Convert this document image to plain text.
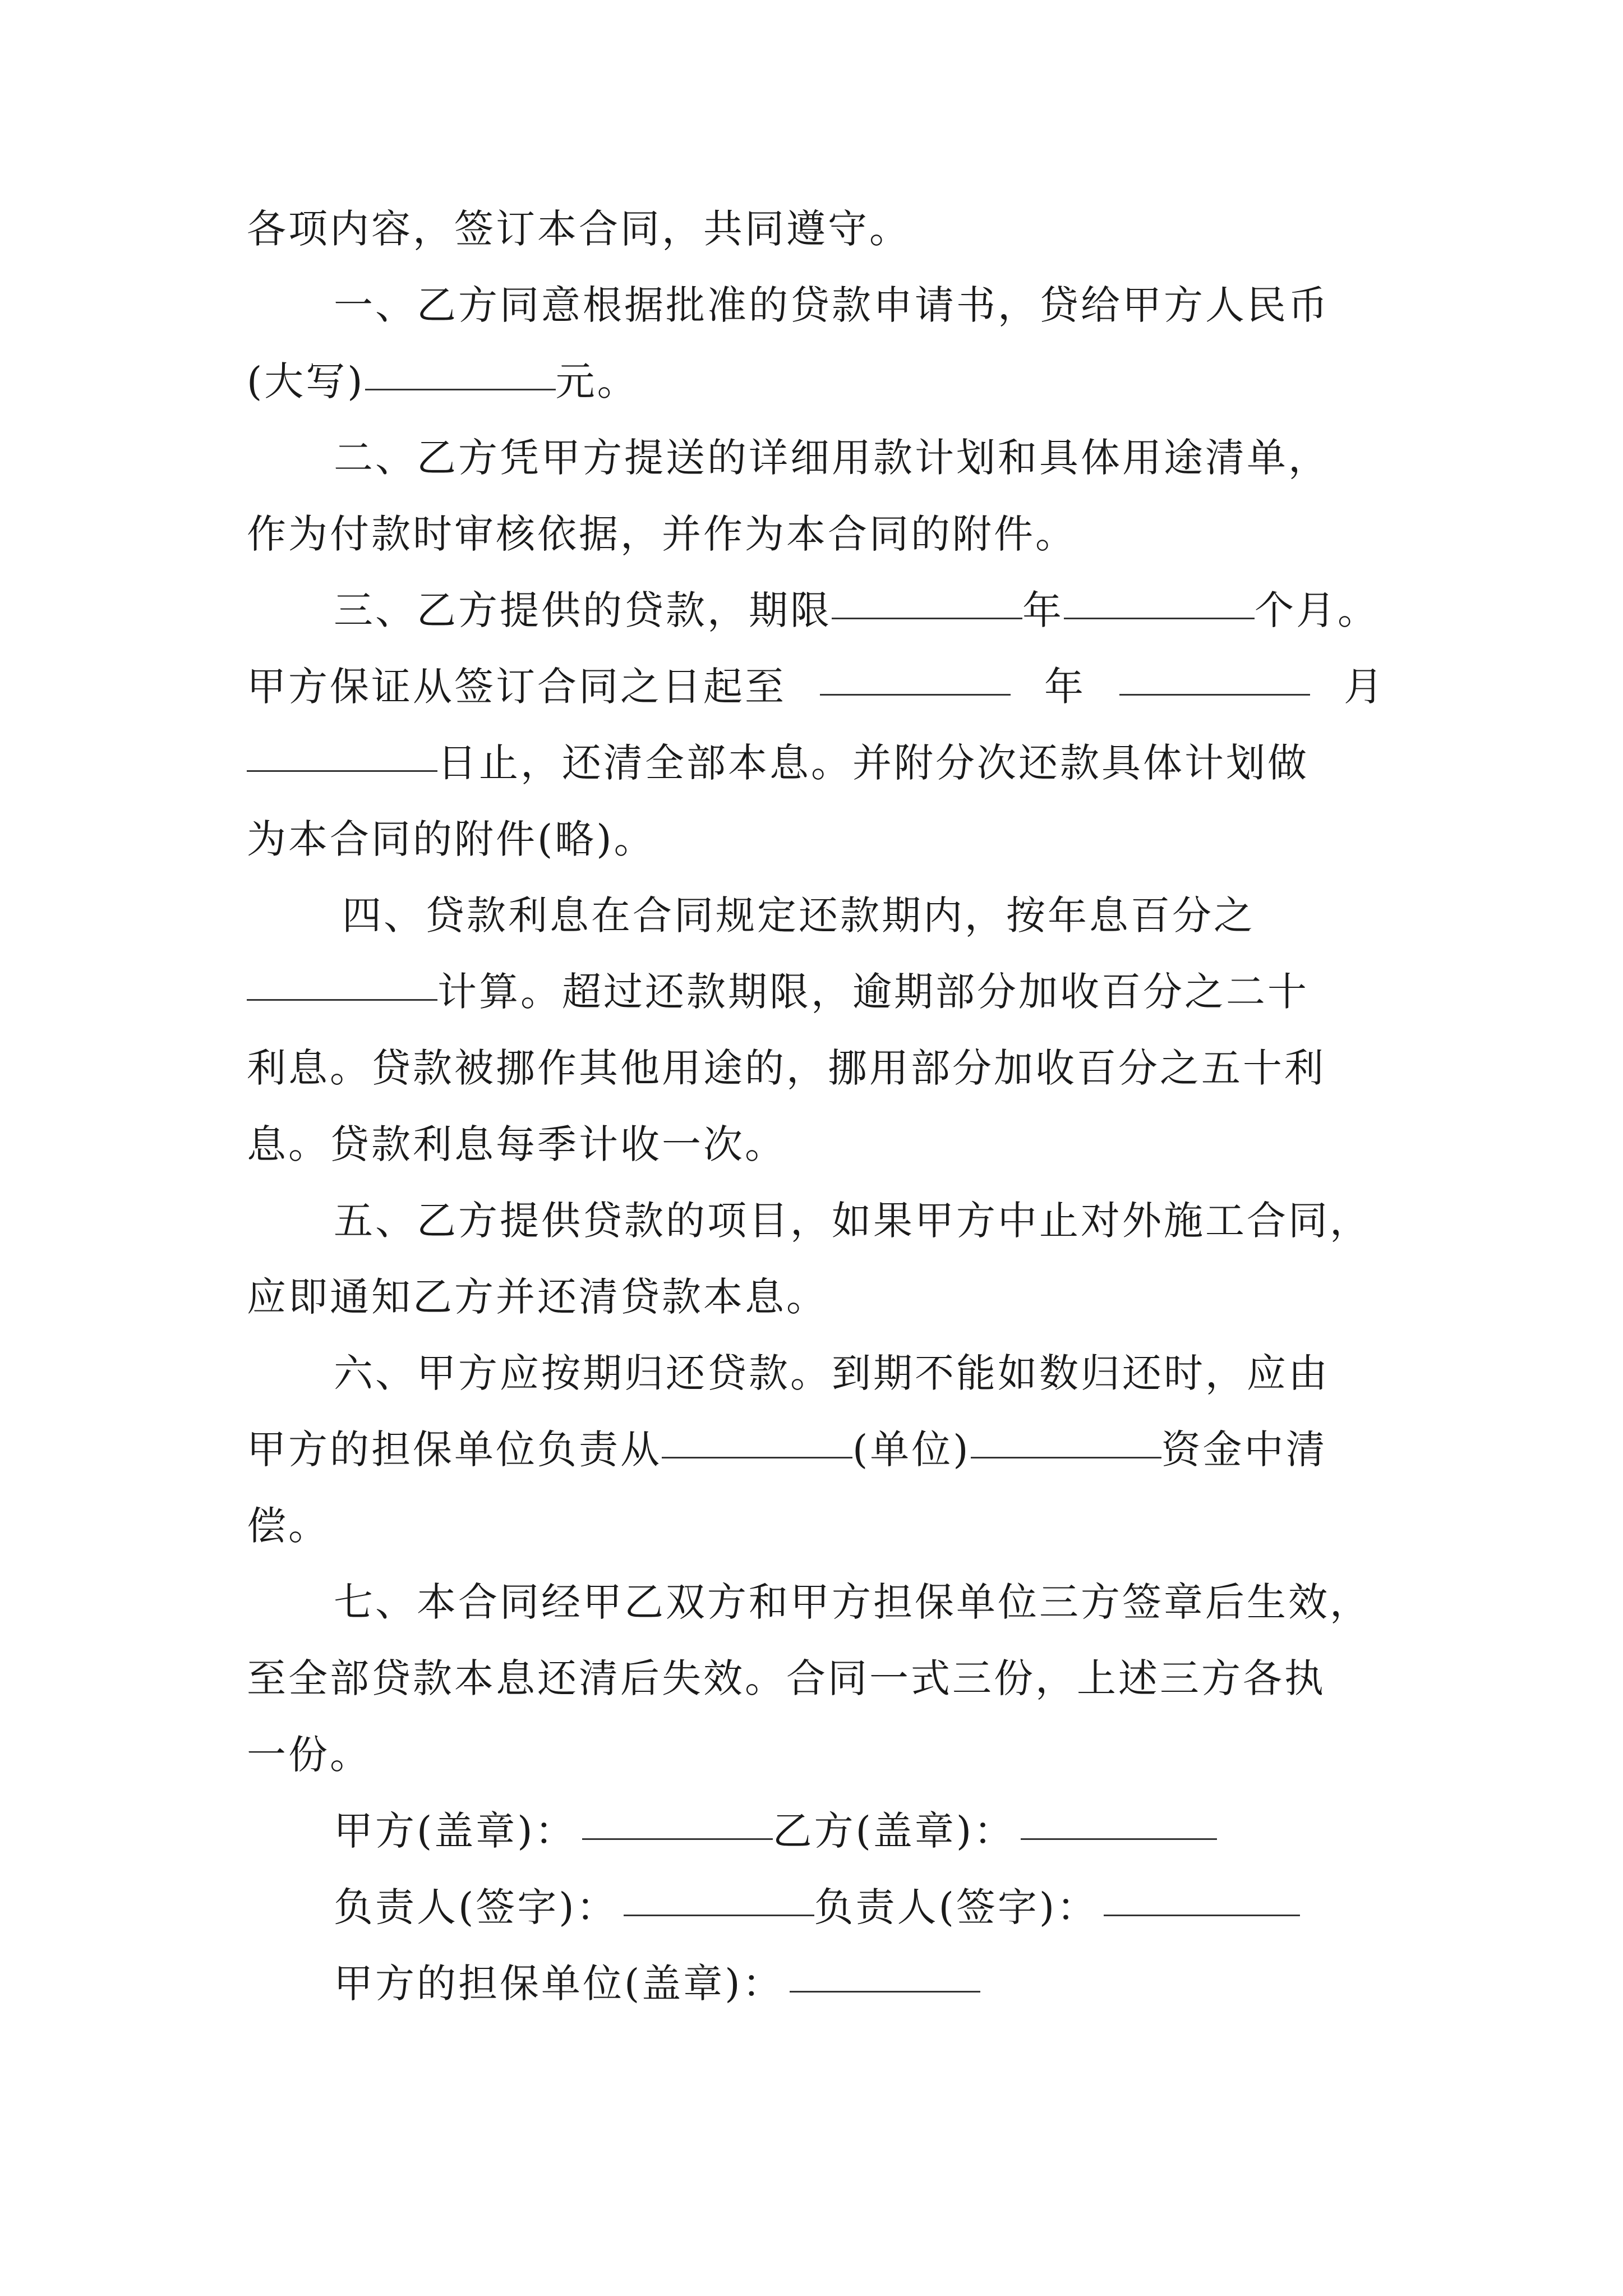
各项内容，签订本合同，共同遵守。
一、乙方同意根据批准的贷款申请书，贷给甲方人民币
(大写)	元。
二、乙方凭甲方提送的详细用款计划和具体用途清单，
作为付款时审核依据，并作为本合同的附件。
三、乙方提供的贷款，期限	年	个月。
甲方保证从签订合同之日起至	年	月
日止，还清全部本息。并附分次还款具体计划做
为本合同的附件(略)。
四、贷款利息在合同规定还款期内，按年息百分之
计算。超过还款期限，逾期部分加收百分之二十
利息。贷款被挪作其他用途的，挪用部分加收百分之五十利
息。贷款利息每季计收一次。
五、乙方提供贷款的项目，如果甲方中止对外施工合同，
应即通知乙方并还清贷款本息。
六、甲方应按期归还贷款。到期不能如数归还时，应由
甲方的担保单位负责从	(单位)	资金中清
偿。
七、本合同经甲乙双方和甲方担保单位三方签章后生效，
至全部贷款本息还清后失效。合同一式三份，上述三方各执
一份。
甲方(盖章)：	乙方(盖章)：
负责人(签字)：	负责人(签字)：
甲方的担保单位(盖章)：
